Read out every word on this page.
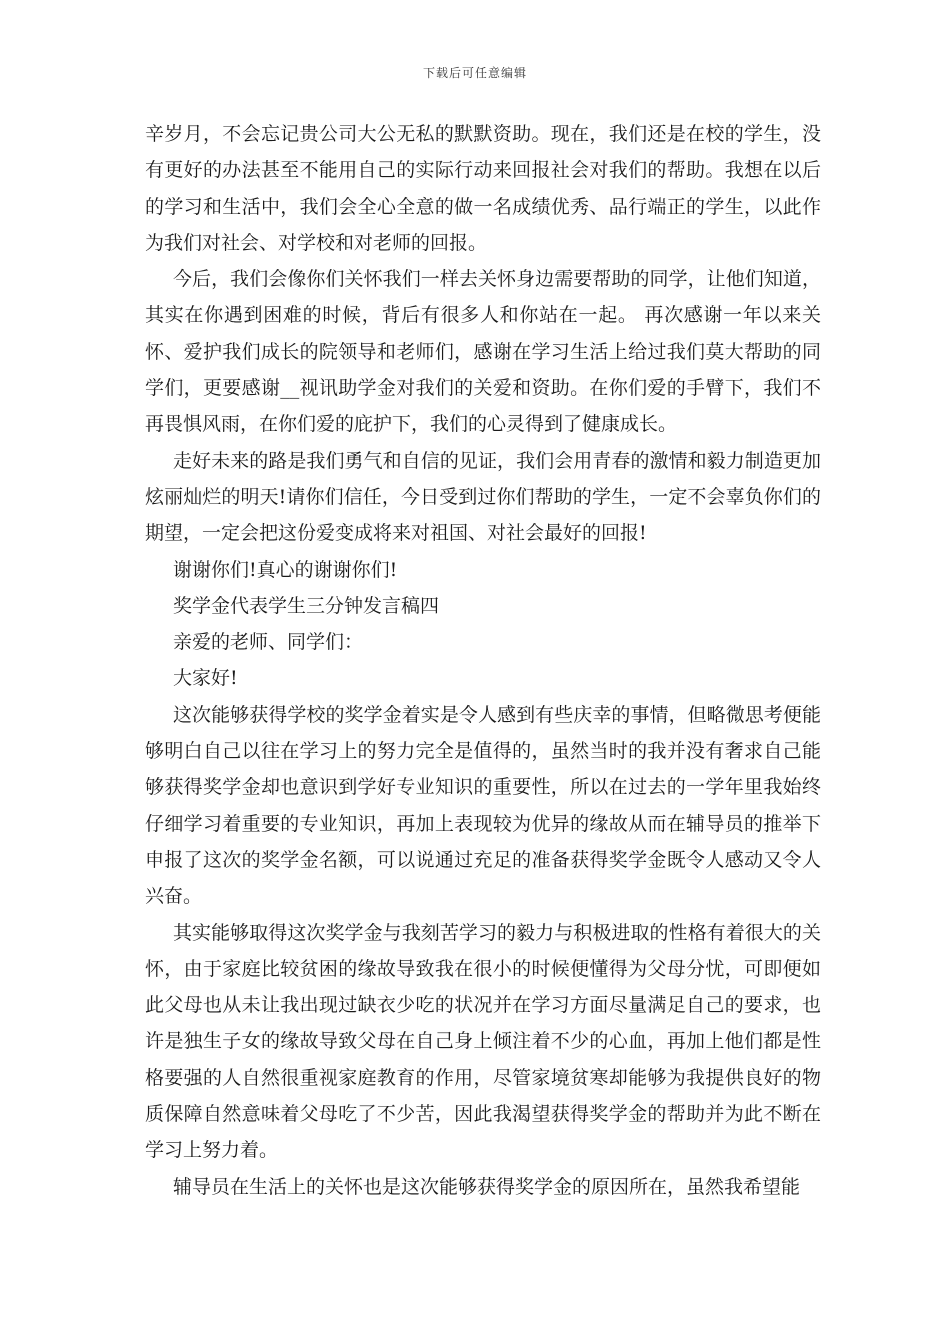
下载后可任意编辑

辛岁月，不会忘记贵公司大公无私的默默资助。现在，我们还是在校的学生，没有更好的办法甚至不能用自己的实际行动来回报社会对我们的帮助。我想在以后的学习和生活中，我们会全心全意的做一名成绩优秀、品行端正的学生，以此作为我们对社会、对学校和对老师的回报。

今后，我们会像你们关怀我们一样去关怀身边需要帮助的同学，让他们知道，其实在你遇到困难的时候，背后有很多人和你站在一起。 再次感谢一年以来关怀、爱护我们成长的院领导和老师们，感谢在学习生活上给过我们莫大帮助的同学们，更要感谢__视讯助学金对我们的关爱和资助。在你们爱的手臂下，我们不再畏惧风雨，在你们爱的庇护下，我们的心灵得到了健康成长。

走好未来的路是我们勇气和自信的见证，我们会用青春的激情和毅力制造更加炫丽灿烂的明天!请你们信任，今日受到过你们帮助的学生，一定不会辜负你们的期望，一定会把这份爱变成将来对祖国、对社会最好的回报!

谢谢你们!真心的谢谢你们!

奖学金代表学生三分钟发言稿四

亲爱的老师、同学们：

大家好!

这次能够获得学校的奖学金着实是令人感到有些庆幸的事情，但略微思考便能够明白自己以往在学习上的努力完全是值得的，虽然当时的我并没有奢求自己能够获得奖学金却也意识到学好专业知识的重要性，所以在过去的一学年里我始终仔细学习着重要的专业知识，再加上表现较为优异的缘故从而在辅导员的推举下申报了这次的奖学金名额，可以说通过充足的准备获得奖学金既令人感动又令人兴奋。

其实能够取得这次奖学金与我刻苦学习的毅力与积极进取的性格有着很大的关怀，由于家庭比较贫困的缘故导致我在很小的时候便懂得为父母分忧，可即便如此父母也从未让我出现过缺衣少吃的状况并在学习方面尽量满足自己的要求，也许是独生子女的缘故导致父母在自己身上倾注着不少的心血，再加上他们都是性格要强的人自然很重视家庭教育的作用，尽管家境贫寒却能够为我提供良好的物质保障自然意味着父母吃了不少苦，因此我渴望获得奖学金的帮助并为此不断在学习上努力着。

辅导员在生活上的关怀也是这次能够获得奖学金的原因所在，虽然我希望能
